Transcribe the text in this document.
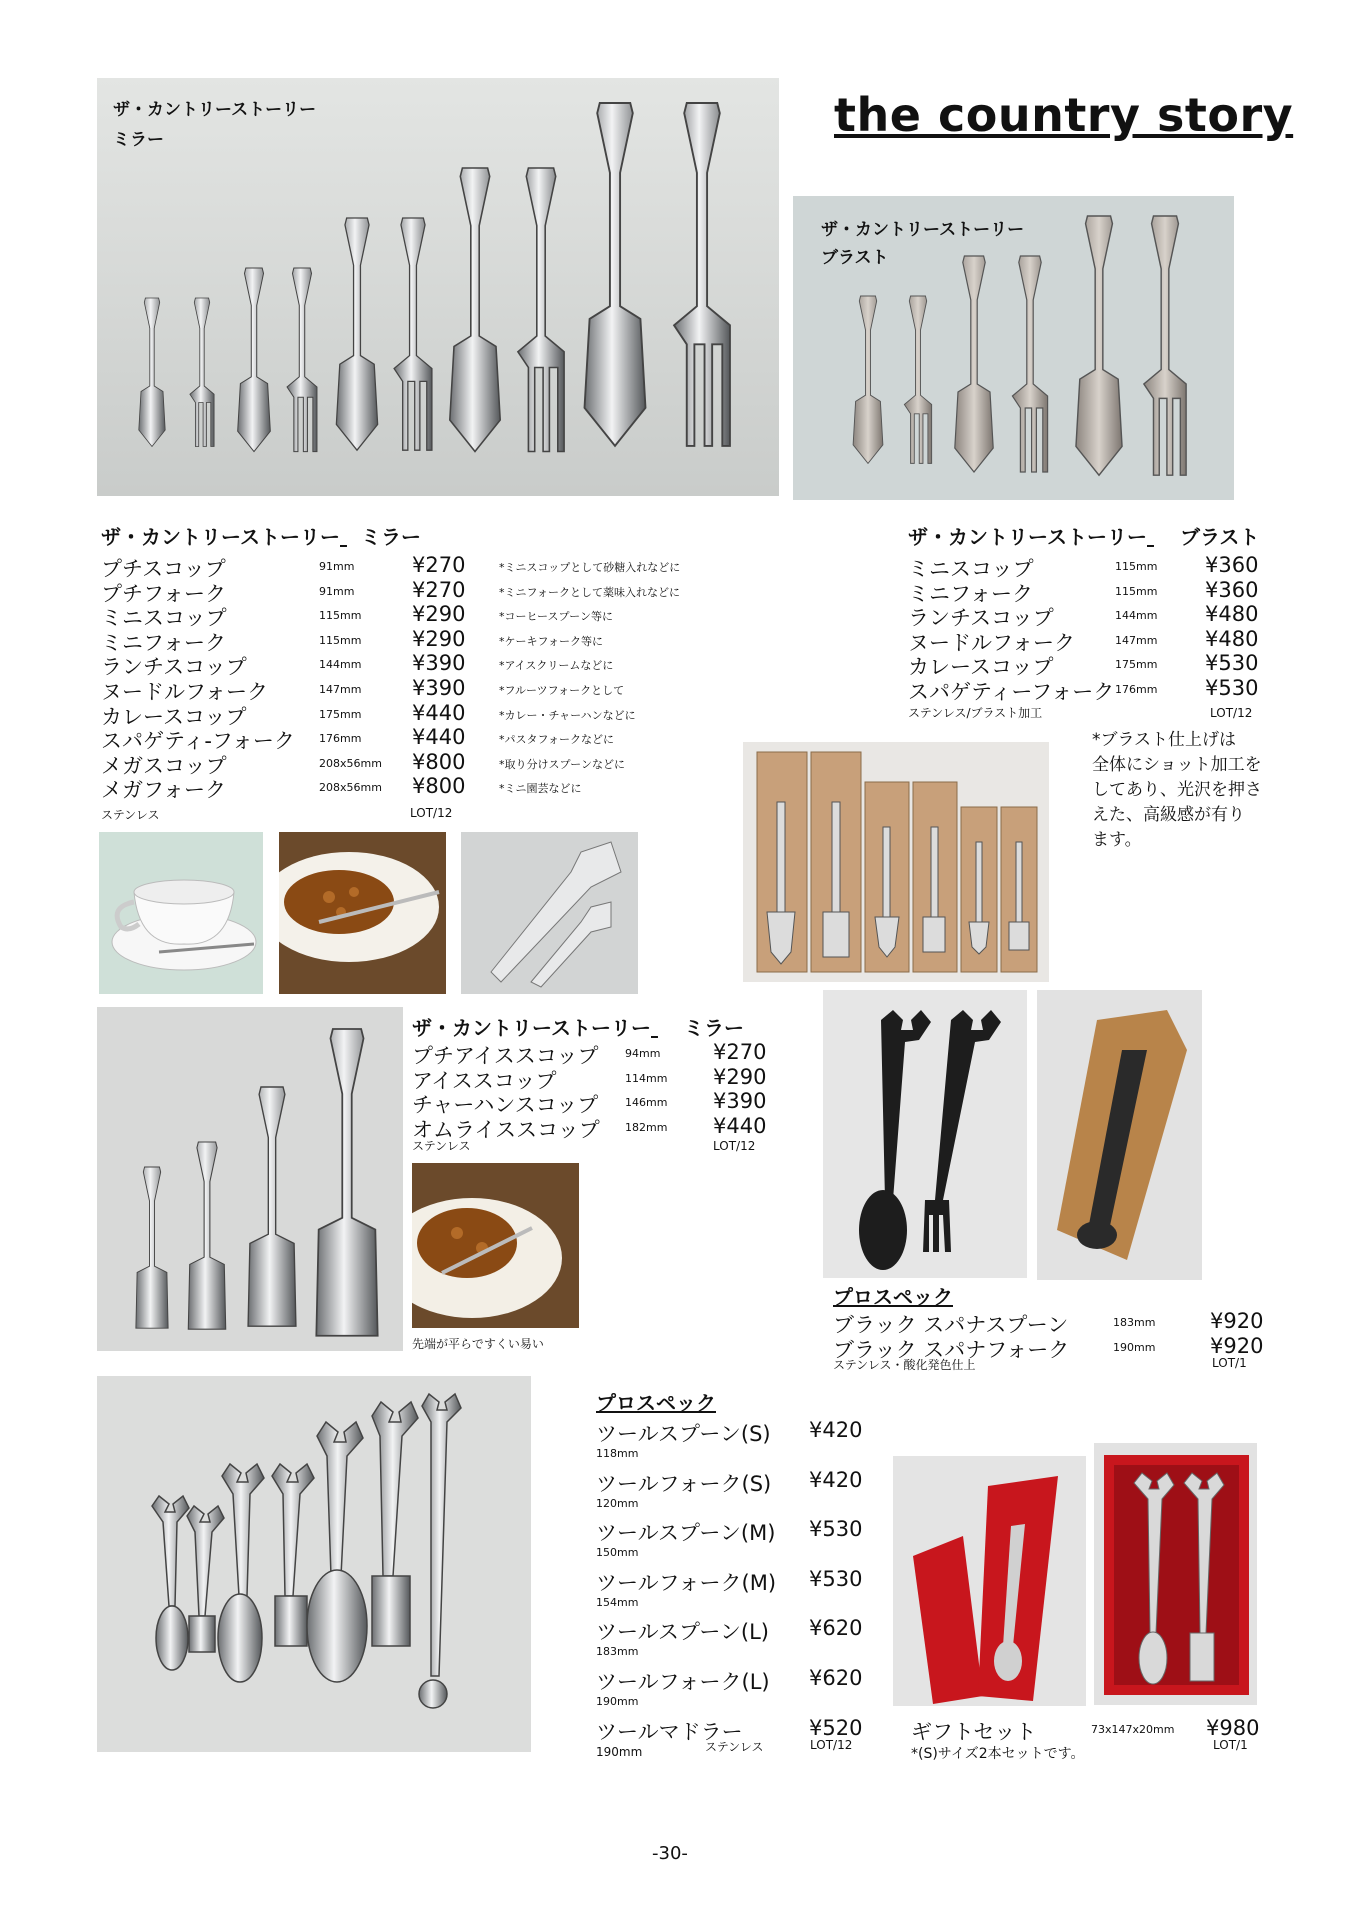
the country story
ザ・カントリーストーリー
ミラー
ザ・カントリーストーリー
ブラスト
ザ・カントリーストーリー ミラー
プチスコップ	91mm	¥270	*ミニスコップとして砂糖入れなどに
プチフォーク	91mm	¥270	*ミニフォークとして薬味入れなどに
ミニスコップ	115mm ¥290	*コーヒースプーン等に
ミニフォーク	115mm ¥290	*ケーキフォーク等に
ランチスコップ	144mm ¥390	*アイスクリームなどに
ヌードルフォーク	147mm ¥390	*フルーツフォークとして
カレースコップ	175mm ¥440	*カレー・チャーハンなどに
スパゲティ-フォーク 176mm ¥440	*パスタフォークなどに
メガスコップ	208x56mm ¥800	*取り分けスプーンなどに
メガフォーク	208x56mm ¥800	*ミニ園芸などに
ステンレス	LOT/12
ザ・カントリーストーリー ブラスト
ミニスコップ	115mm ¥360
ミニフォーク	115mm ¥360
ランチスコップ	144mm ¥480
ヌードルフォーク	147mm ¥480
カレースコップ	175mm ¥530
スパゲティーフォーク 176mm ¥530
ステンレス/ブラスト加工	LOT/12
*ブラスト仕上げは
全体にショット加工を
してあり、光沢を押さ
えた、高級感が有り
ます。
ザ・カントリーストーリー ミラー
プチアイススコップ 94mm	¥270
アイススコップ	114mm ¥290
チャーハンスコップ 146mm ¥390
オムライススコップ 182mm ¥440
ステンレス	LOT/12
先端が平らですくい易い
プロスペック
ブラック スパナスプーン	183mm	¥920
ブラック スパナフォーク	190mm	¥920
ステンレス・酸化発色仕上	LOT/1
プロスペック
ツールスプーン(S) ¥420
118mm
ツールフォーク(S) ¥420
120mm
ツールスプーン(M) ¥530
150mm
ツールフォーク(M) ¥530
154mm
ツールスプーン(L) ¥620
183mm
ツールフォーク(L) ¥620
190mm
ツールマドラー	¥520
190mm	ステンレス	LOT/12
ギフトセット	73x147x20mm ¥980
*(S)サイズ2本セットです。
LOT/1
-30-
